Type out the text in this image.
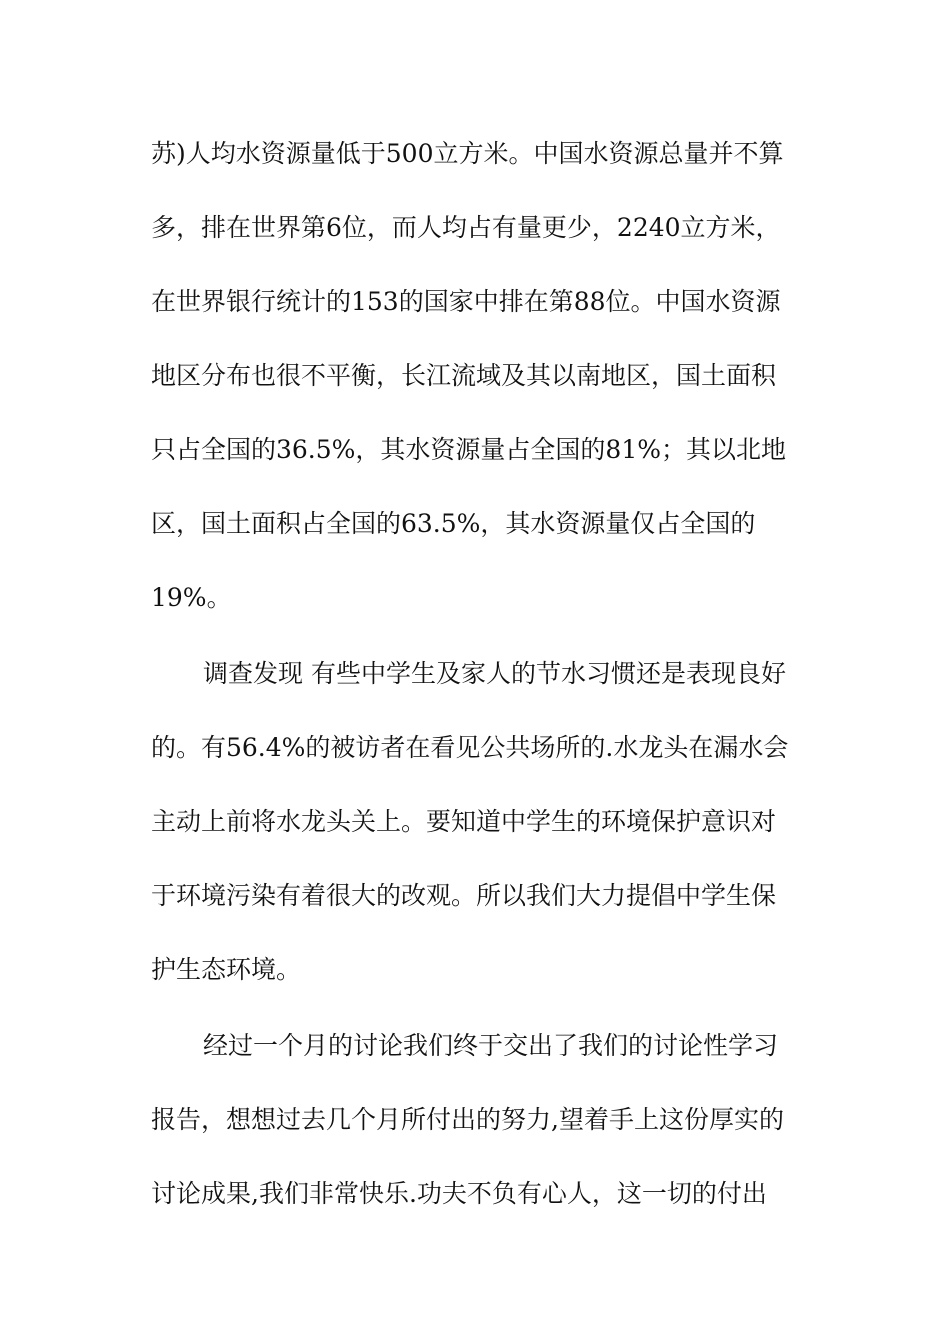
苏)人均水资源量低于500立方米。中国水资源总量并不算
多，排在世界第6位，而人均占有量更少，2240立方米，
在世界银行统计的153的国家中排在第88位。中国水资源
地区分布也很不平衡，长江流域及其以南地区，国土面积
只占全国的36.5%，其水资源量占全国的81%；其以北地
区，国土面积占全国的63.5%，其水资源量仅占全国的
19%。
调查发现 有些中学生及家人的节水习惯还是表现良好
的。有56.4%的被访者在看见公共场所的.水龙头在漏水会
主动上前将水龙头关上。要知道中学生的环境保护意识对
于环境污染有着很大的改观。所以我们大力提倡中学生保
护生态环境。
经过一个月的讨论我们终于交出了我们的讨论性学习
报告，想想过去几个月所付出的努力,望着手上这份厚实的
讨论成果,我们非常快乐.功夫不负有心人，这一切的付出
